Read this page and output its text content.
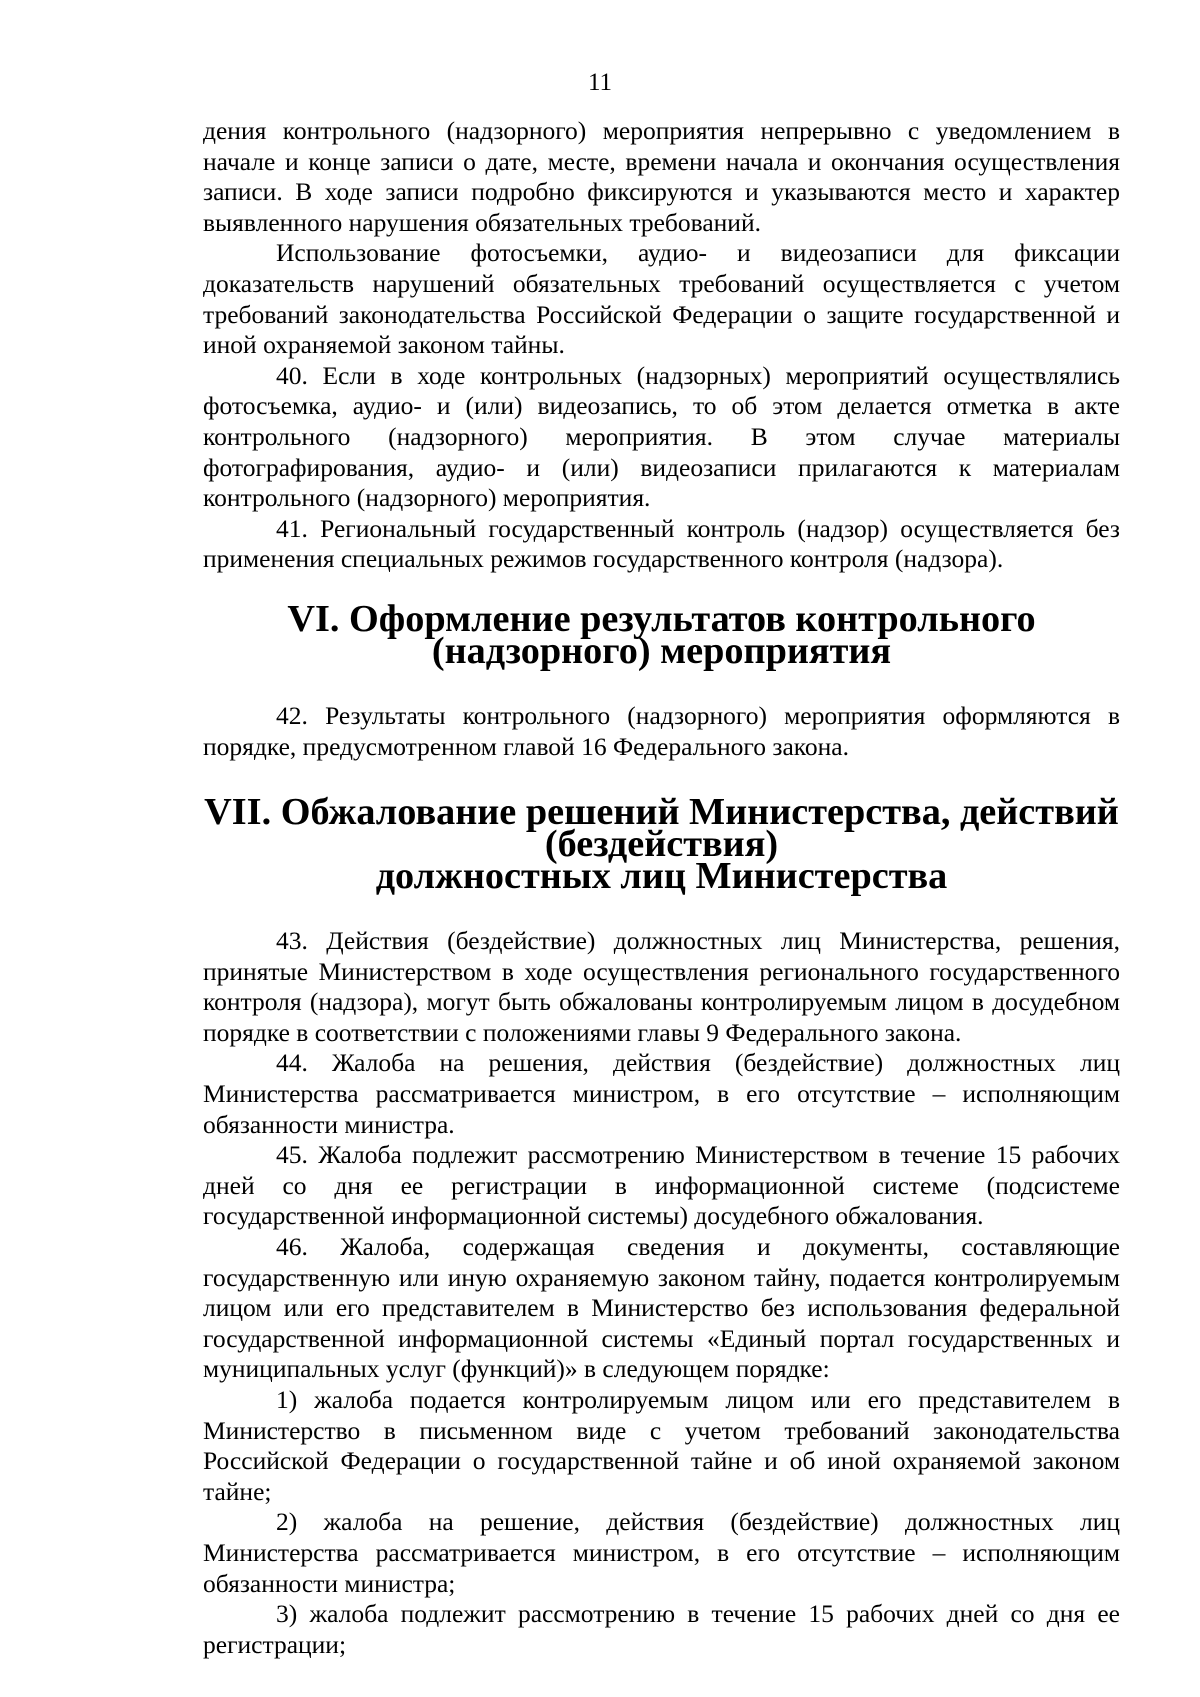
11

дения контрольного (надзорного) мероприятия непрерывно с уведомлением в начале и конце записи о дате, месте, времени начала и окончания осуществления записи. В ходе записи подробно фиксируются и указываются место и характер выявленного нарушения обязательных требований.

Использование фотосъемки, аудио- и видеозаписи для фиксации доказательств нарушений обязательных требований осуществляется с учетом требований законодательства Российской Федерации о защите государственной и иной охраняемой законом тайны.

40. Если в ходе контрольных (надзорных) мероприятий осуществлялись фотосъемка, аудио- и (или) видеозапись, то об этом делается отметка в акте контрольного (надзорного) мероприятия. В этом случае материалы фотографирования, аудио- и (или) видеозаписи прилагаются к материалам контрольного (надзорного) мероприятия.

41. Региональный государственный контроль (надзор) осуществляется без применения специальных режимов государственного контроля (надзора).

VI. Оформление результатов контрольного
(надзорного) мероприятия

42. Результаты контрольного (надзорного) мероприятия оформляются в порядке, предусмотренном главой 16 Федерального закона.

VII. Обжалование решений Министерства, действий (бездействия)
должностных лиц Министерства

43. Действия (бездействие) должностных лиц Министерства, решения, принятые Министерством в ходе осуществления регионального государственного контроля (надзора), могут быть обжалованы контролируемым лицом в досудебном порядке в соответствии с положениями главы 9 Федерального закона.

44. Жалоба на решения, действия (бездействие) должностных лиц Министерства рассматривается министром, в его отсутствие – исполняющим обязанности министра.

45. Жалоба подлежит рассмотрению Министерством в течение 15 рабочих дней со дня ее регистрации в информационной системе (подсистеме государственной информационной системы) досудебного обжалования.

46. Жалоба, содержащая сведения и документы, составляющие государственную или иную охраняемую законом тайну, подается контролируемым лицом или его представителем в Министерство без использования федеральной государственной информационной системы «Единый портал государственных и муниципальных услуг (функций)» в следующем порядке:

1) жалоба подается контролируемым лицом или его представителем в Министерство в письменном виде с учетом требований законодательства Российской Федерации о государственной тайне и об иной охраняемой законом тайне;

2) жалоба на решение, действия (бездействие) должностных лиц Министерства рассматривается министром, в его отсутствие – исполняющим обязанности министра;

3) жалоба подлежит рассмотрению в течение 15 рабочих дней со дня ее регистрации;
